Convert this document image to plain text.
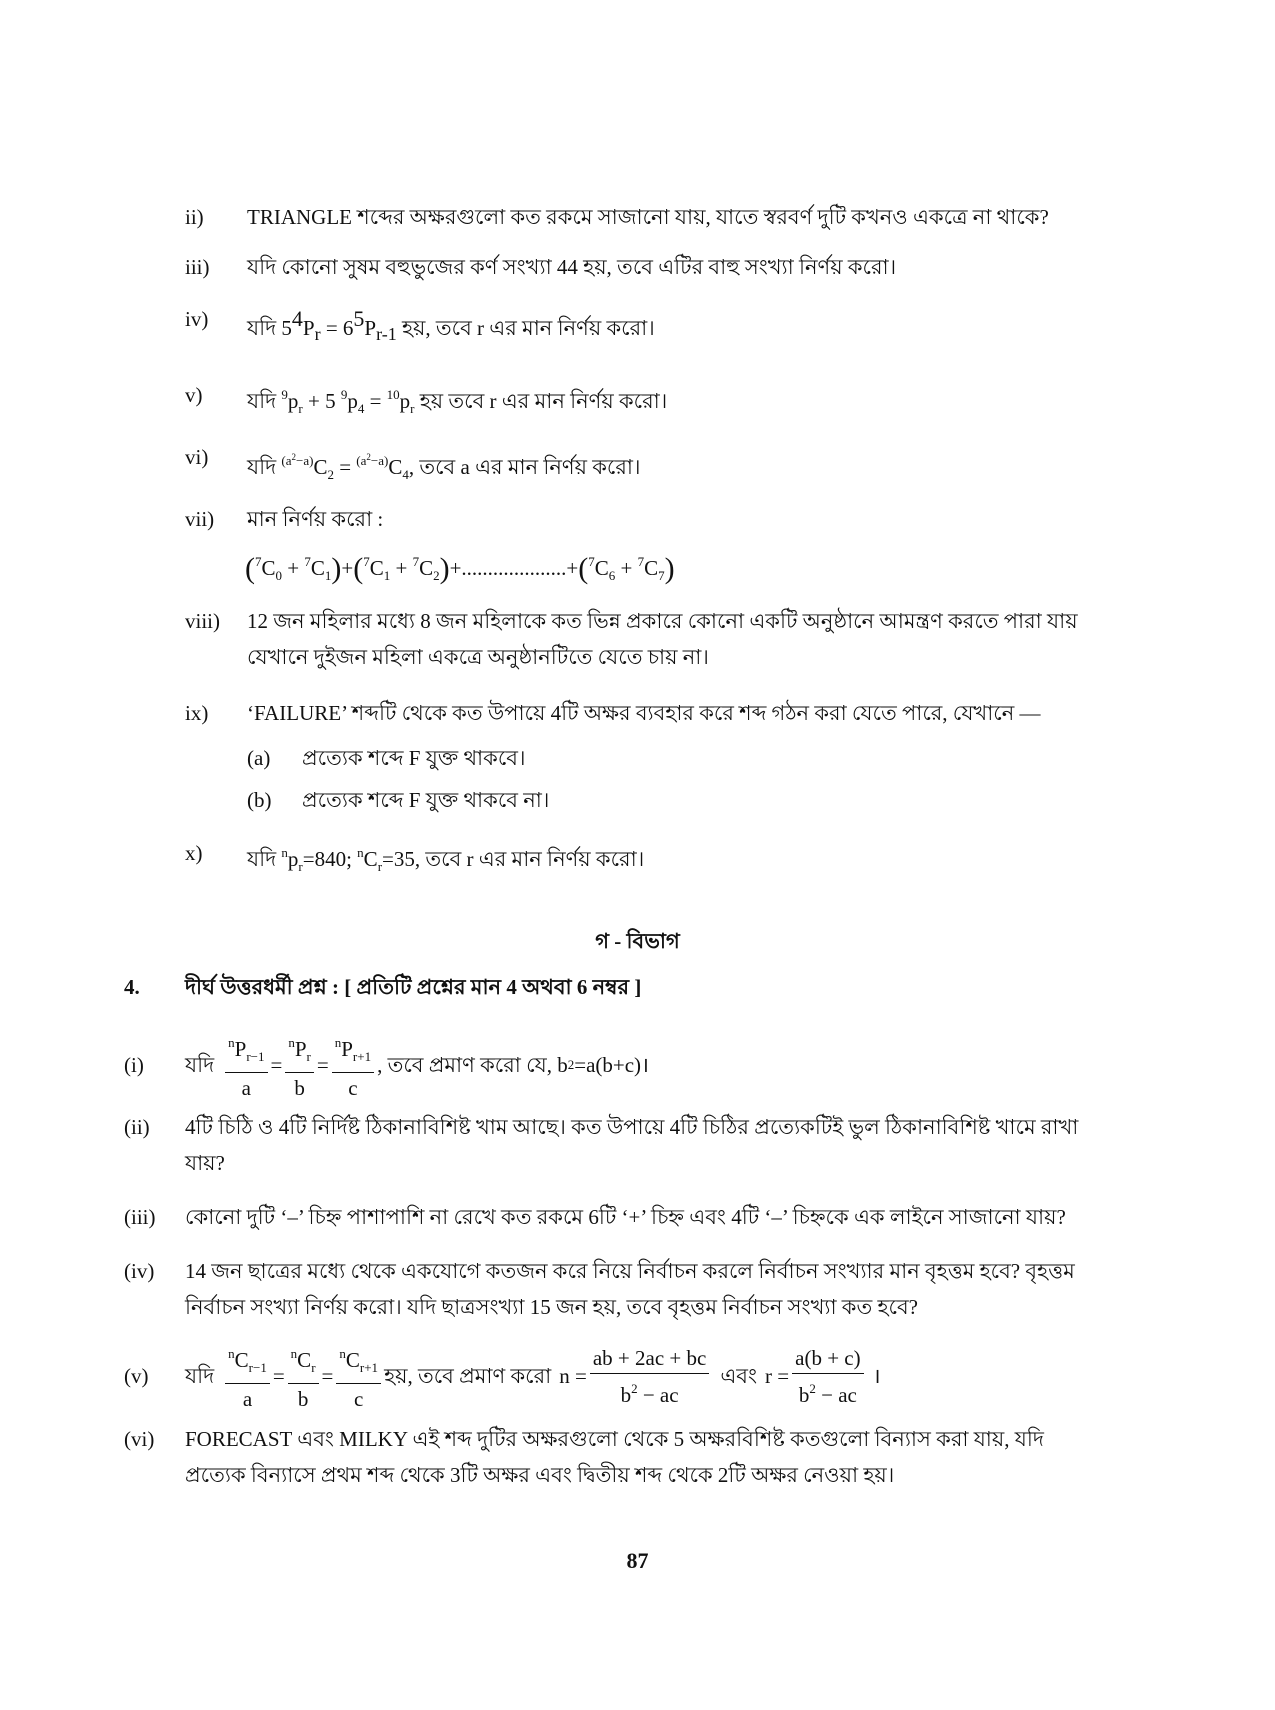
ii) TRIANGLE শব্দের অক্ষরগুলো কত রকমে সাজানো যায়, যাতে স্বরবর্ণ দুটি কখনও একত্রে না থাকে?
iii) যদি কোনো সুষম বহুভুজের কর্ণ সংখ্যা 44 হয়, তবে এটির বাহু সংখ্যা নির্ণয় করো।
iv) যদি 54Pr = 65Pr-1 হয়, তবে r এর মান নির্ণয় করো।
v) যদি $^9p_r + 5$ $^9p_4 = ^{10}p_r$ হয় তবে r এর মান নির্ণয় করো।
vi) যদি $^{(a^2-a)}C_2 = ^{(a^2-a)}C_4$, তবে a এর মান নির্ণয় করো।
vii) মান নির্ণয় করো :
$(^7C_0 + ^7C_1)+(^7C_1 + ^7C_2)+....................+(^7C_6 + ^7C_7)$
viii) 12 জন মহিলার মধ্যে 8 জন মহিলাকে কত ভিন্ন প্রকারে কোনো একটি অনুষ্ঠানে আমন্ত্রণ করতে পারা যায়
যেখানে দুইজন মহিলা একত্রে অনুষ্ঠানটিতে যেতে চায় না।
ix) ‘FAILURE’ শব্দটি থেকে কত উপায়ে 4টি অক্ষর ব্যবহার করে শব্দ গঠন করা যেতে পারে, যেখানে —
(a) প্রত্যেক শব্দে F যুক্ত থাকবে।
(b) প্রত্যেক শব্দে F যুক্ত থাকবে না।
x) যদি $^np_r=840$; $^nC_r=35$, তবে r এর মান নির্ণয় করো।
গ - বিভাগ
4. দীর্ঘ উত্তরধর্মী প্রশ্ন : [ প্রতিটি প্রশ্নের মান 4 অথবা 6 নম্বর ]
(i) যদি $\frac{^nP_{r-1}}{a} = \frac{^nP_r}{b} = \frac{^nP_{r+1}}{c}$ , তবে প্রমাণ করো যে, b 2 =a(b+c)।
(ii) 4টি চিঠি ও 4টি নির্দিষ্ট ঠিকানাবিশিষ্ট খাম আছে। কত উপায়ে 4টি চিঠির প্রত্যেকটিই ভুল ঠিকানাবিশিষ্ট খামে রাখা
যায়?
(iii) কোনো দুটি ‘–’ চিহ্ন পাশাপাশি না রেখে কত রকমে 6টি ‘+’ চিহ্ন এবং 4টি ‘–’ চিহ্নকে এক লাইনে সাজানো যায়?
(iv) 14 জন ছাত্রের মধ্যে থেকে একযোগে কতজন করে নিয়ে নির্বাচন করলে নির্বাচন সংখ্যার মান বৃহত্তম হবে? বৃহত্তম
নির্বাচন সংখ্যা নির্ণয় করো। যদি ছাত্রসংখ্যা 15 জন হয়, তবে বৃহত্তম নির্বাচন সংখ্যা কত হবে?
(v) যদি $\frac{^nC_{r-1}}{a} = \frac{^nC_r}{b} = \frac{^nC_{r+1}}{c}$ হয়, তবে প্রমাণ করো $n = \frac{ab + 2ac + bc}{b^2 - ac}$ এবং $r = \frac{a(b + c)}{b^2 - ac}$ ।
(vi) FORECAST এবং MILKY এই শব্দ দুটির অক্ষরগুলো থেকে 5 অক্ষরবিশিষ্ট কতগুলো বিন্যাস করা যায়, যদি
প্রত্যেক বিন্যাসে প্রথম শব্দ থেকে 3টি অক্ষর এবং দ্বিতীয় শব্দ থেকে 2টি অক্ষর নেওয়া হয়।
87
